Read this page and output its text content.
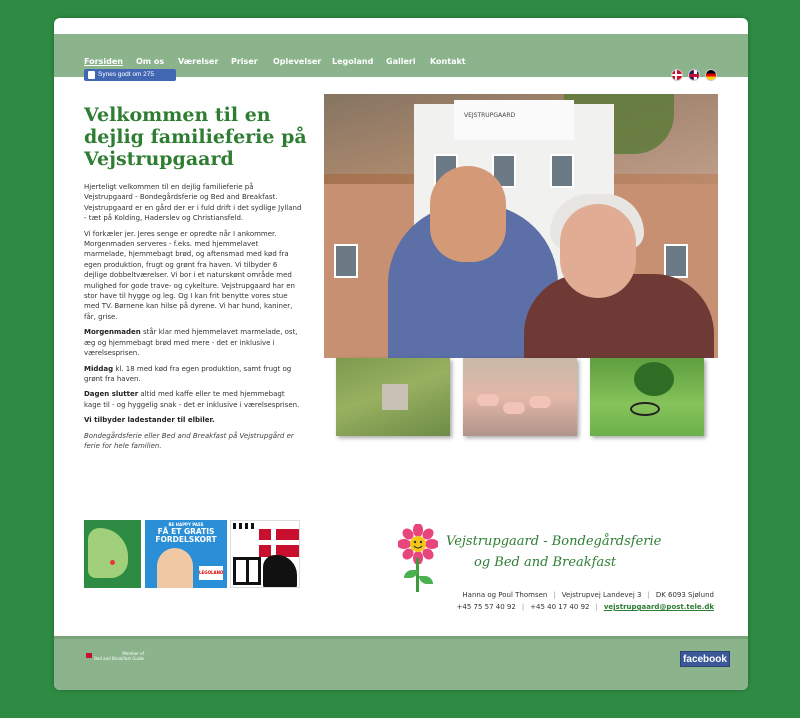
Forsiden Om os Værelser Priser Oplevelser Legoland Galleri Kontakt
Synes godt om 275
Velkommen til en dejlig familieferie på Vejstrupgaard

Hjerteligt velkommen til en dejlig familieferie på Vejstrupgaard - Bondegårdsferie og Bed and Breakfast. Vejstrupgaard er en gård der er i fuld drift i det sydlige Jylland - tæt på Kolding, Haderslev og Christiansfeld.

Vi forkæler jer. Jeres senge er opredte når I ankommer. Morgenmaden serveres - f.eks. med hjemmelavet marmelade, hjemmebagt brød, og aftensmad med kød fra egen produktion, frugt og grønt fra haven. Vi tilbyder 6 dejlige dobbeltværelser. Vi bor i et naturskønt område med mulighed for gode trave- og cykelture. Vejstrupgaard har en stor have til hygge og leg. Og I kan frit benytte vores stue med TV. Børnene kan hilse på dyrene. Vi har hund, kaniner, får, grise.

Morgenmaden står klar med hjemmelavet marmelade, ost, æg og hjemmebagt brød med mere - det er inklusive i værelsesprisen.

Middag kl. 18 med kød fra egen produktion, samt frugt og grønt fra haven.

Dagen slutter altid med kaffe eller te med hjemmebagt kage til - og hyggelig snak - det er inklusive i værelsesprisen.

Vi tilbyder ladestander til elbiler.

Bondegårdsferie eller Bed and Breakfast på Vejstrupgård er ferie for hele familien.

VEJSTRUPGAARD
BE HAPPY PASS
FÅ ET GRATIS FORDELSKORT
LEGOLAND
Vejstrupgaard - Bondegårdsferie
og Bed and Breakfast
Hanna og Poul Thomsen | Vejstrupvej Landevej 3 | DK 6093 Sjølund
+45 75 57 40 92 | +45 40 17 40 92 | vejstrupgaard@post.tele.dk
Member of
Bed and Breakfast Guide	facebook
